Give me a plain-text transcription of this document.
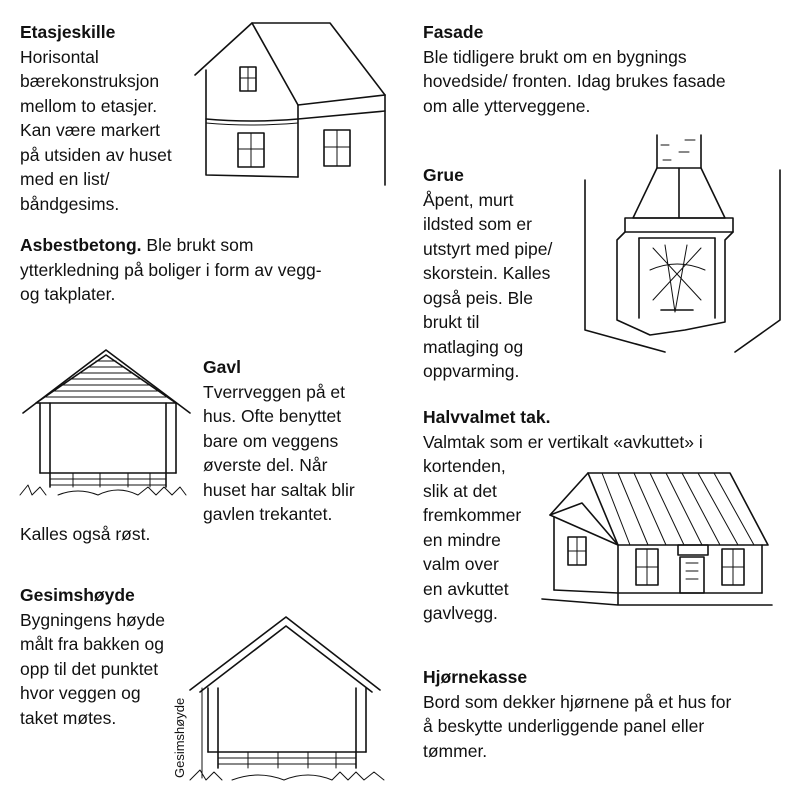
Etasjeskille
Horisontal
bærekonstruksjon
mellom to etasjer.
Kan være markert
på utsiden av huset
med en list/
båndgesims.
Asbestbetong. Ble brukt som
ytterkledning på boliger i form av vegg-
og takplater.
Gavl
Tverrveggen på et
hus. Ofte benyttet
bare om veggens
øverste del. Når
huset har saltak blir
gavlen trekantet.
Kalles også røst.
Gesimshøyde
Bygningens høyde
målt fra bakken og
opp til det punktet
hvor veggen og
taket møtes.
Fasade
Ble tidligere brukt om en bygnings
hovedside/ fronten. Idag brukes fasade
om alle ytterveggene.
Grue
Åpent, murt
ildsted som er
utstyrt med pipe/
skorstein. Kalles
også peis. Ble
brukt til
matlaging og
oppvarming.
Halvvalmet tak.
Valmtak som er vertikalt «avkuttet» i
kortenden,
slik at det
fremkommer
en mindre
valm over
en avkuttet
gavlvegg.
Hjørnekasse
Bord som dekker hjørnene på et hus for
å beskytte underliggende panel eller
tømmer.
Gesimshøyde
